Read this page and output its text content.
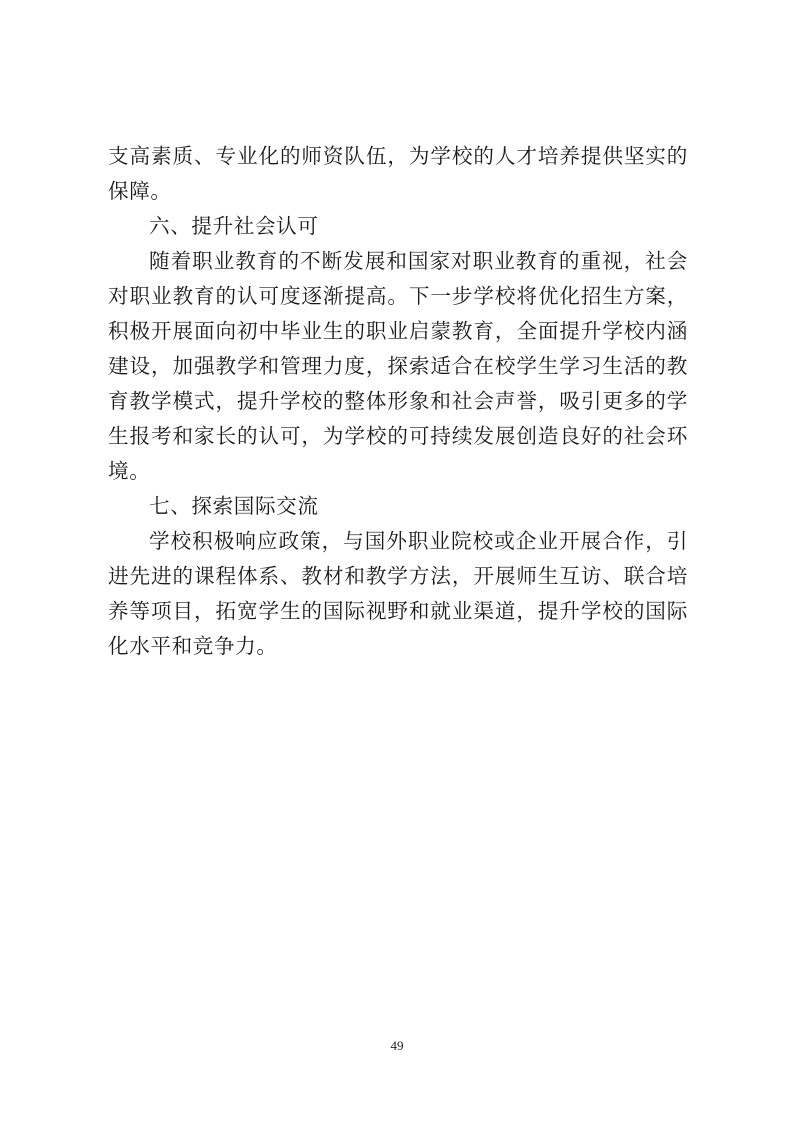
支高素质、专业化的师资队伍，为学校的人才培养提供坚实的
保障。
六、提升社会认可
随着职业教育的不断发展和国家对职业教育的重视，社会
对职业教育的认可度逐渐提高。下一步学校将优化招生方案，
积极开展面向初中毕业生的职业启蒙教育，全面提升学校内涵
建设，加强教学和管理力度，探索适合在校学生学习生活的教
育教学模式，提升学校的整体形象和社会声誉，吸引更多的学
生报考和家长的认可，为学校的可持续发展创造良好的社会环
境。
七、探索国际交流
学校积极响应政策，与国外职业院校或企业开展合作，引
进先进的课程体系、教材和教学方法，开展师生互访、联合培
养等项目，拓宽学生的国际视野和就业渠道，提升学校的国际
化水平和竞争力。
49
